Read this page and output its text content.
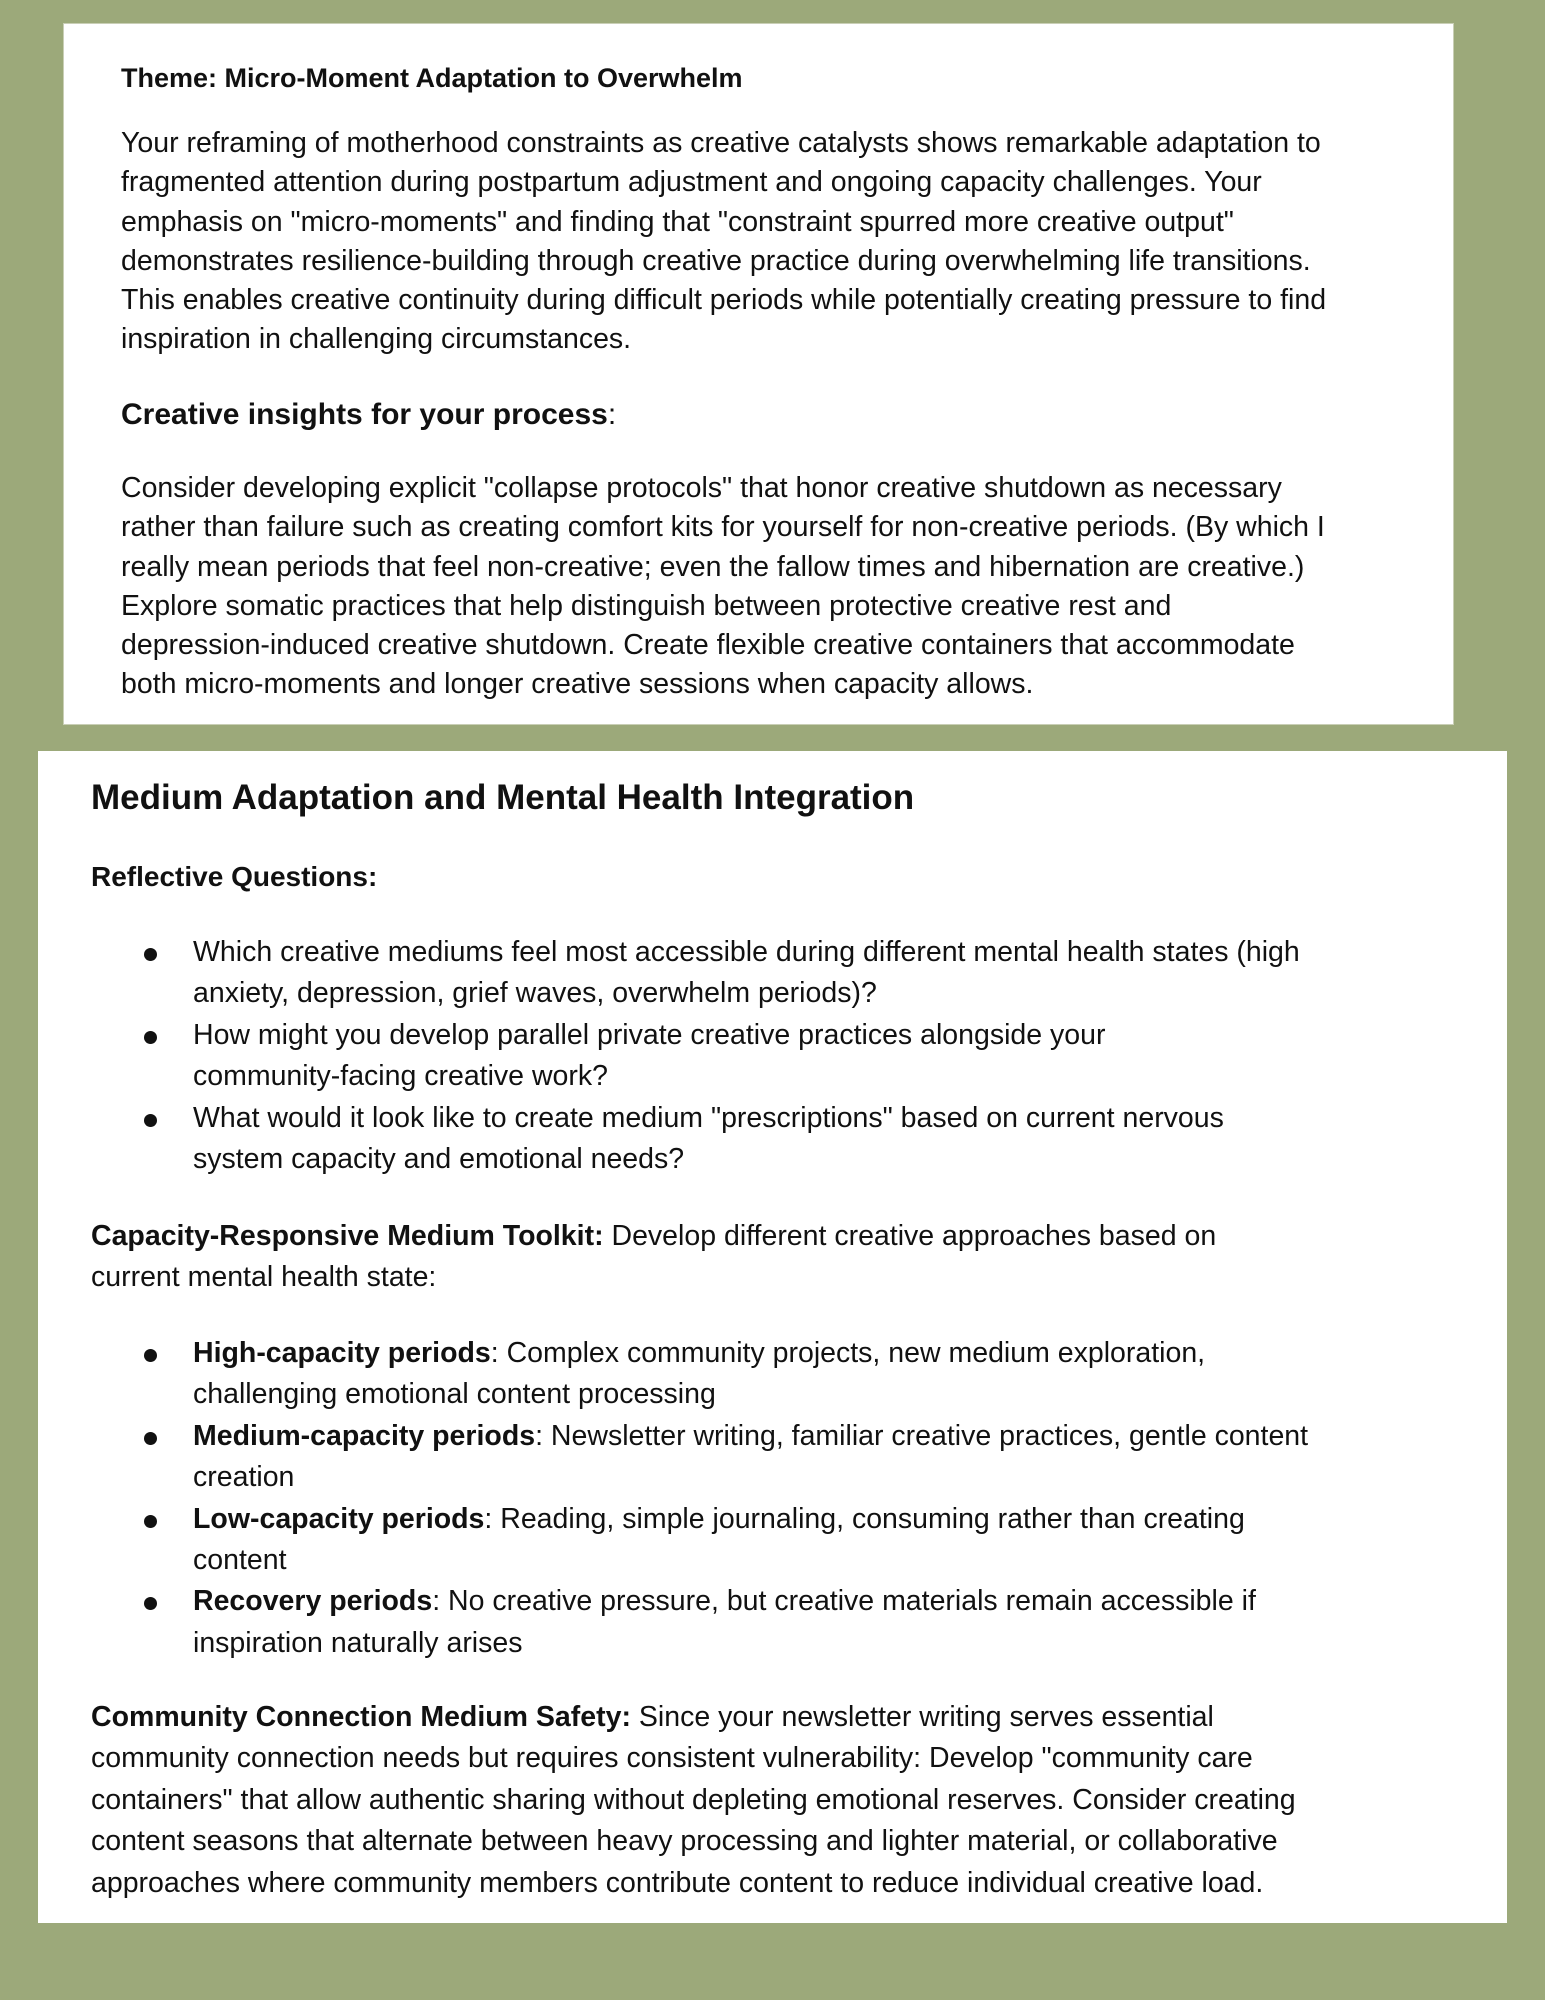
Theme: Micro-Moment Adaptation to Overwhelm
Your reframing of motherhood constraints as creative catalysts shows remarkable adaptation to
fragmented attention during postpartum adjustment and ongoing capacity challenges. Your
emphasis on "micro-moments" and finding that "constraint spurred more creative output"
demonstrates resilience-building through creative practice during overwhelming life transitions.
This enables creative continuity during difficult periods while potentially creating pressure to find
inspiration in challenging circumstances.
Creative insights for your process:
Consider developing explicit "collapse protocols" that honor creative shutdown as necessary
rather than failure such as creating comfort kits for yourself for non-creative periods. (By which I
really mean periods that feel non-creative; even the fallow times and hibernation are creative.)
Explore somatic practices that help distinguish between protective creative rest and
depression-induced creative shutdown. Create flexible creative containers that accommodate
both micro-moments and longer creative sessions when capacity allows.
Medium Adaptation and Mental Health Integration
Reflective Questions:
Which creative mediums feel most accessible during different mental health states (high
anxiety, depression, grief waves, overwhelm periods)?
How might you develop parallel private creative practices alongside your
community-facing creative work?
What would it look like to create medium "prescriptions" based on current nervous
system capacity and emotional needs?
Capacity-Responsive Medium Toolkit: Develop different creative approaches based on
current mental health state:
High-capacity periods: Complex community projects, new medium exploration,
challenging emotional content processing
Medium-capacity periods: Newsletter writing, familiar creative practices, gentle content
creation
Low-capacity periods: Reading, simple journaling, consuming rather than creating
content
Recovery periods: No creative pressure, but creative materials remain accessible if
inspiration naturally arises
Community Connection Medium Safety: Since your newsletter writing serves essential
community connection needs but requires consistent vulnerability: Develop "community care
containers" that allow authentic sharing without depleting emotional reserves. Consider creating
content seasons that alternate between heavy processing and lighter material, or collaborative
approaches where community members contribute content to reduce individual creative load.
